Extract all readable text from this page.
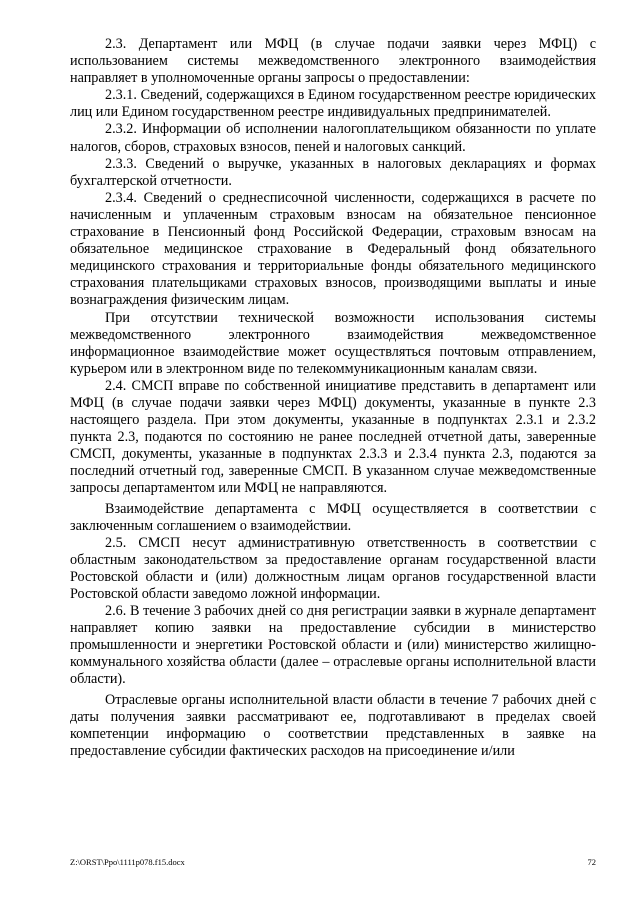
2.3. Департамент или МФЦ (в случае подачи заявки через МФЦ) с использованием системы межведомственного электронного взаимодействия направляет в уполномоченные органы запросы о предоставлении:

2.3.1. Сведений, содержащихся в Едином государственном реестре юридических лиц или Едином государственном реестре индивидуальных предпринимателей.

2.3.2. Информации об исполнении налогоплательщиком обязанности по уплате налогов, сборов, страховых взносов, пеней и налоговых санкций.

2.3.3. Сведений о выручке, указанных в налоговых декларациях и формах бухгалтерской отчетности.

2.3.4. Сведений о среднесписочной численности, содержащихся в расчете по начисленным и уплаченным страховым взносам на обязательное пенсионное страхование в Пенсионный фонд Российской Федерации, страховым взносам на обязательное медицинское страхование в Федеральный фонд обязательного медицинского страхования и территориальные фонды обязательного медицинского страхования плательщиками страховых взносов, производящими выплаты и иные вознаграждения физическим лицам.

При отсутствии технической возможности использования системы межведомственного электронного взаимодействия межведомственное информационное взаимодействие может осуществляться почтовым отправлением, курьером или в электронном виде по телекоммуникационным каналам связи.

2.4. СМСП вправе по собственной инициативе представить в департамент или МФЦ (в случае подачи заявки через МФЦ) документы, указанные в пункте 2.3 настоящего раздела. При этом документы, указанные в подпунктах 2.3.1 и 2.3.2 пункта 2.3, подаются по состоянию не ранее последней отчетной даты, заверенные СМСП, документы, указанные в подпунктах 2.3.3 и 2.3.4 пункта 2.3, подаются за последний отчетный год, заверенные СМСП. В указанном случае межведомственные запросы департаментом или МФЦ не направляются.

Взаимодействие департамента с МФЦ осуществляется в соответствии с заключенным соглашением о взаимодействии.

2.5. СМСП несут административную ответственность в соответствии с областным законодательством за предоставление органам государственной власти Ростовской области и (или) должностным лицам органов государственной власти Ростовской области заведомо ложной информации.

2.6. В течение 3 рабочих дней со дня регистрации заявки в журнале департамент направляет копию заявки на предоставление субсидии в министерство промышленности и энергетики Ростовской области и (или) министерство жилищно-коммунального хозяйства области (далее – отраслевые органы исполнительной власти области).

Отраслевые органы исполнительной власти области в течение 7 рабочих дней с даты получения заявки рассматривают ее, подготавливают в пределах своей компетенции информацию о соответствии представленных в заявке на предоставление субсидии фактических расходов на присоединение и/или

Z:\ORST\Ppo\1111p078.f15.docx	72
